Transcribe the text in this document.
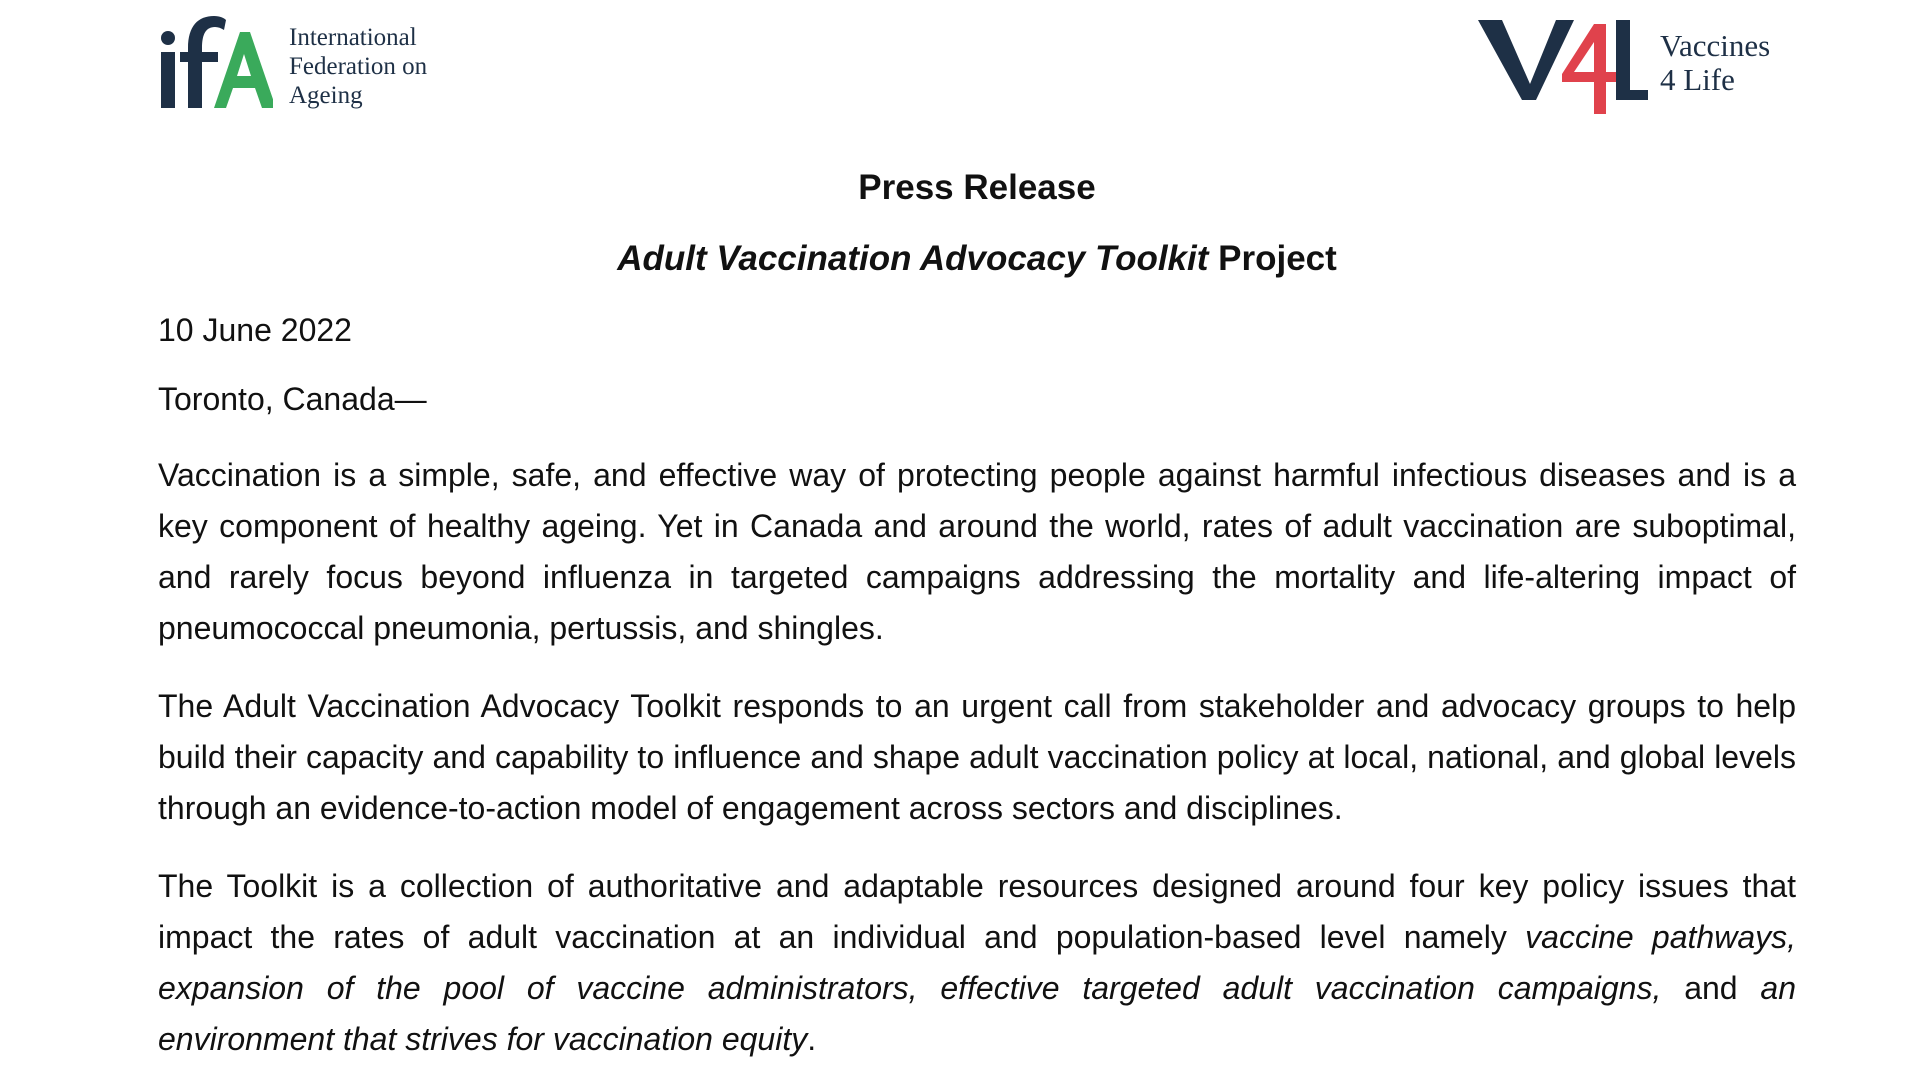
International
Federation on
Ageing
Vaccines
4 Life
Press Release
Adult Vaccination Advocacy Toolkit Project

10 June 2022

Toronto, Canada—

Vaccination is a simple, safe, and effective way of protecting people against harmful infectious diseases and is a key component of healthy ageing. Yet in Canada and around the world, rates of adult vaccination are suboptimal, and rarely focus beyond influenza in targeted campaigns addressing the mortality and life-altering impact of pneumococcal pneumonia, pertussis, and shingles.

The Adult Vaccination Advocacy Toolkit responds to an urgent call from stakeholder and advocacy groups to help build their capacity and capability to influence and shape adult vaccination policy at local, national, and global levels through an evidence-to-action model of engagement across sectors and disciplines.

The Toolkit is a collection of authoritative and adaptable resources designed around four key policy issues that impact the rates of adult vaccination at an individual and population-based level namely vaccine pathways, expansion of the pool of vaccine administrators, effective targeted adult vaccination campaigns, and an environment that strives for vaccination equity.
